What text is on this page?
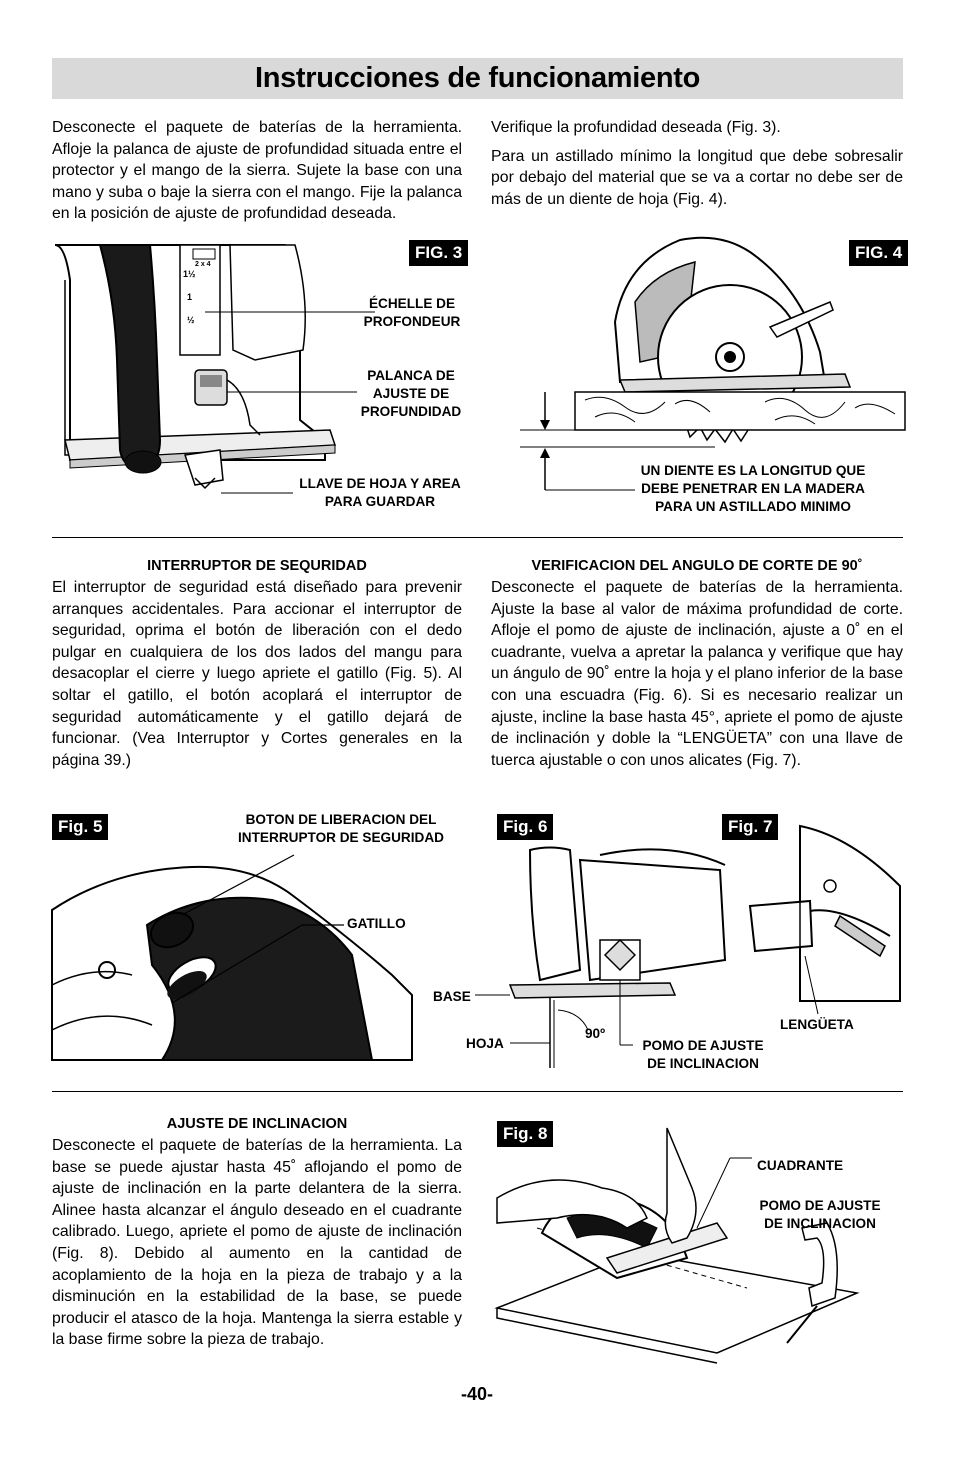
Instrucciones de funcionamiento

Desconecte el paquete de baterías de la herramienta. Afloje la palanca de ajuste de profundidad situada entre el protector y el mango de la sierra. Sujete la base con una mano y suba o baje la sierra con el mango. Fije la palanca en la posición de ajuste de profundidad deseada.

Verifique la profundidad deseada (Fig. 3).

Para un astillado mínimo la longitud que debe sobresalir por debajo del material que se va a cortar no debe ser de más de un diente de hoja (Fig. 4).

2 x 4
1½
1
½
FIG. 3
ÉCHELLE DE PROFONDEUR
PALANCA DE AJUSTE DE PROFUNDIDAD
LLAVE DE HOJA Y AREA PARA GUARDAR
FIG. 4
UN DIENTE ES LA LONGITUD QUE DEBE PENETRAR EN LA MADERA PARA UN ASTILLADO MINIMO
INTERRUPTOR DE SEQURIDAD
El interruptor de seguridad está diseñado para prevenir arranques accidentales. Para accionar el interruptor de seguridad, oprima el botón de liberación con el dedo pulgar en cualquiera de los dos lados del mangu para desacoplar el cierre y luego apriete el gatillo (Fig. 5). Al soltar el gatillo, el botón acoplará el interruptor de seguridad automáticamente y el gatillo dejará de funcionar. (Vea Interruptor y Cortes generales en la página 39.)
VERIFICACION DEL ANGULO DE CORTE DE 90˚
Desconecte el paquete de baterías de la herramienta. Ajuste la base al valor de máxima profundidad de corte. Afloje el pomo de ajuste de inclinación, ajuste a 0˚ en el cuadrante, vuelva a apretar la palanca y verifique que hay un ángulo de 90˚ entre la hoja y el plano inferior de la base con una escuadra (Fig. 6). Si es necesario realizar un ajuste, incline la base hasta 45°, apriete el pomo de ajuste de inclinación y doble la “LENGÜETA” con una llave de tuerca ajustable o con unos alicates (Fig. 7).
Fig. 5	BOTON DE LIBERACION DEL INTERRUPTOR DE SEGURIDAD
GATILLO
Fig. 6
BASE
HOJA
90º
POMO DE AJUSTE DE INCLINACION
Fig. 7
LENGÜETA
AJUSTE DE INCLINACION
Desconecte el paquete de baterías de la herramienta. La base se puede ajustar hasta 45˚ aflojando el pomo de ajuste de inclinación en la parte delantera de la sierra. Alinee hasta alcanzar el ángulo deseado en el cuadrante calibrado. Luego, apriete el pomo de ajuste de inclinación (Fig. 8). Debido al aumento en la cantidad de acoplamiento de la hoja en la pieza de trabajo y a la disminución en la estabilidad de la base, se puede producir el atasco de la hoja. Mantenga la sierra estable y la base firme sobre la pieza de trabajo.
Fig. 8
CUADRANTE
POMO DE AJUSTE DE INCLINACION
-40-
